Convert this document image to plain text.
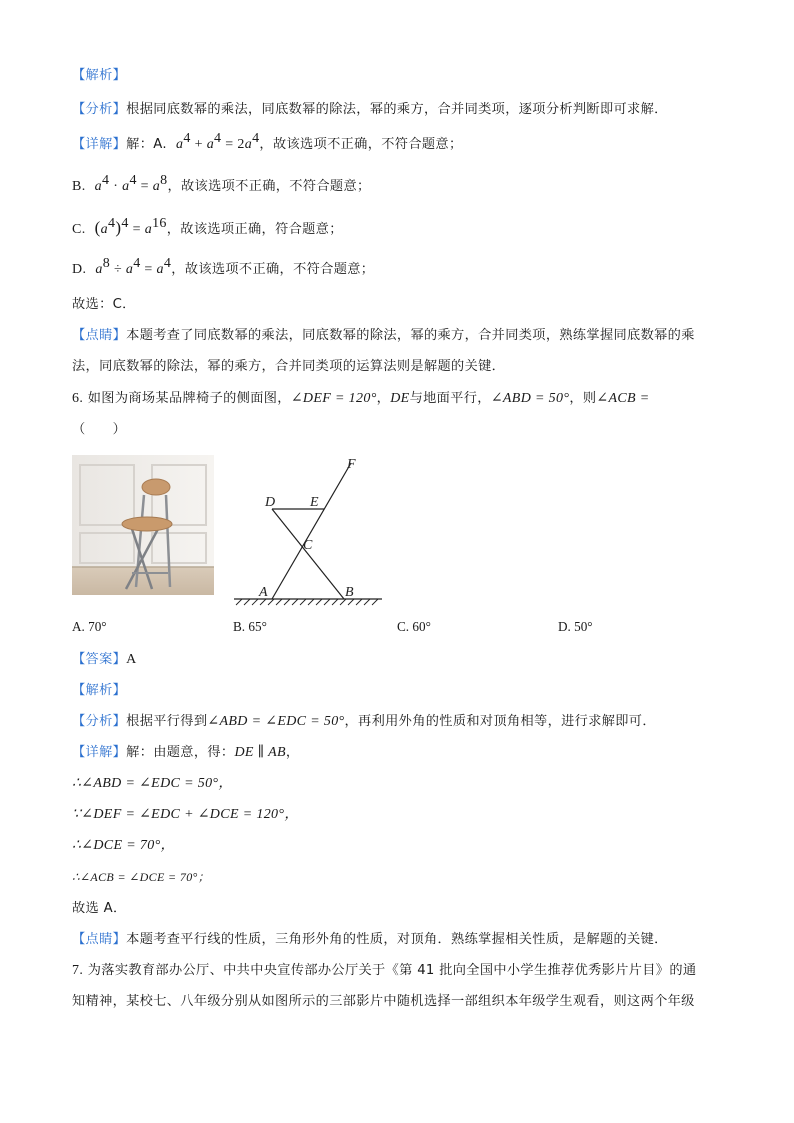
【解析】
【分析】根据同底数幂的乘法，同底数幂的除法，幂的乘方，合并同类项，逐项分析判断即可求解．
【详解】解：A. $a^4 + a^4 = 2a^4$，故该选项不正确，不符合题意；
B. $a^4 \cdot a^4 = a^8$，故该选项不正确，不符合题意；
C. $(a^4)^4 = a^{16}$，故该选项正确，符合题意；
D. $a^8 \div a^4 = a^4$，故该选项不正确，不符合题意；
故选：C．
【点睛】本题考查了同底数幂的乘法，同底数幂的除法，幂的乘方，合并同类项，熟练掌握同底数幂的乘
法，同底数幂的除法，幂的乘方，合并同类项的运算法则是解题的关键．
6. 如图为商场某品牌椅子的侧面图，∠DEF = 120°，DE与地面平行，∠ABD = 50°，则∠ACB =
（　　）
F
D E
C
A	B
A. 70°	B. 65°	C. 60°	D. 50°
【答案】A
【解析】
【分析】根据平行得到∠ABD = ∠EDC = 50°，再利用外角的性质和对顶角相等，进行求解即可．
【详解】解：由题意，得：DE ∥ AB，
∴∠ABD = ∠EDC = 50°，
∵∠DEF = ∠EDC + ∠DCE = 120°，
∴∠DCE = 70°，
∴∠ACB = ∠DCE = 70°；
故选 A．
【点睛】本题考查平行线的性质，三角形外角的性质，对顶角．熟练掌握相关性质，是解题的关键．
7. 为落实教育部办公厅、中共中央宣传部办公厅关于《第 41 批向全国中小学生推荐优秀影片片目》的通
知精神，某校七、八年级分别从如图所示的三部影片中随机选择一部组织本年级学生观看，则这两个年级
